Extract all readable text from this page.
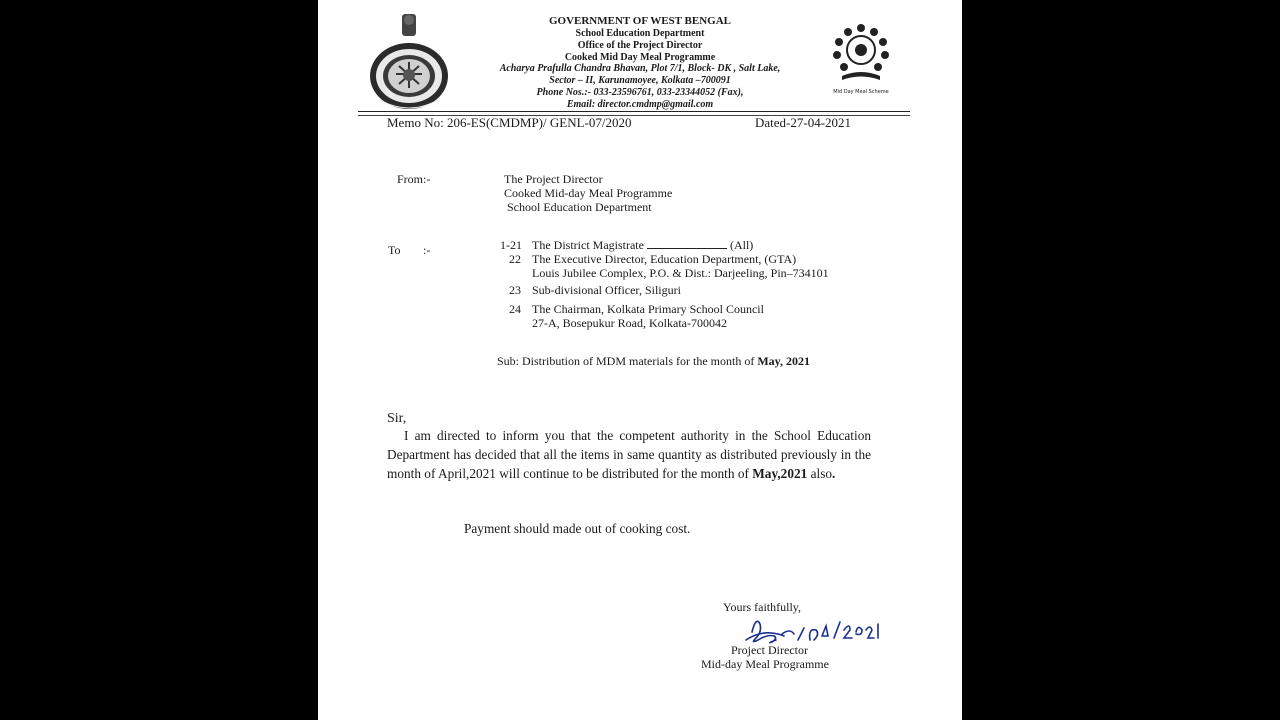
GOVERNMENT OF WEST BENGAL
School Education Department
Office of the Project Director
Cooked Mid Day Meal Programme
Acharya Prafulla Chandra Bhavan, Plot 7/1, Block- DK , Salt Lake,
Sector – II, Karunamoyee, Kolkata –700091
Phone Nos.:- 033-23596761, 033-23344052 (Fax),
Email: director.cmdmp@gmail.com
Mid Day Meal Scheme
Memo No: 206-ES(CMDMP)/ GENL-07/2020	Dated-27-04-2021
From:-	The Project Director
Cooked Mid-day Meal Programme
School Education Department
To :-	1-21 The District Magistrate	(All)
22 The Executive Director, Education Department, (GTA)
Louis Jubilee Complex, P.O. & Dist.: Darjeeling, Pin–734101
23 Sub-divisional Officer, Siliguri
24 The Chairman, Kolkata Primary School Council
27-A, Bosepukur Road, Kolkata-700042
Sub: Distribution of MDM materials for the month of May, 2021
Sir,
I am directed to inform you that the competent authority in the School Education Department has decided that all the items in same quantity as distributed previously in the month of April,2021 will continue to be distributed for the month of May,2021 also.
Payment should made out of cooking cost.
Yours faithfully,
Project Director
Mid-day Meal Programme
